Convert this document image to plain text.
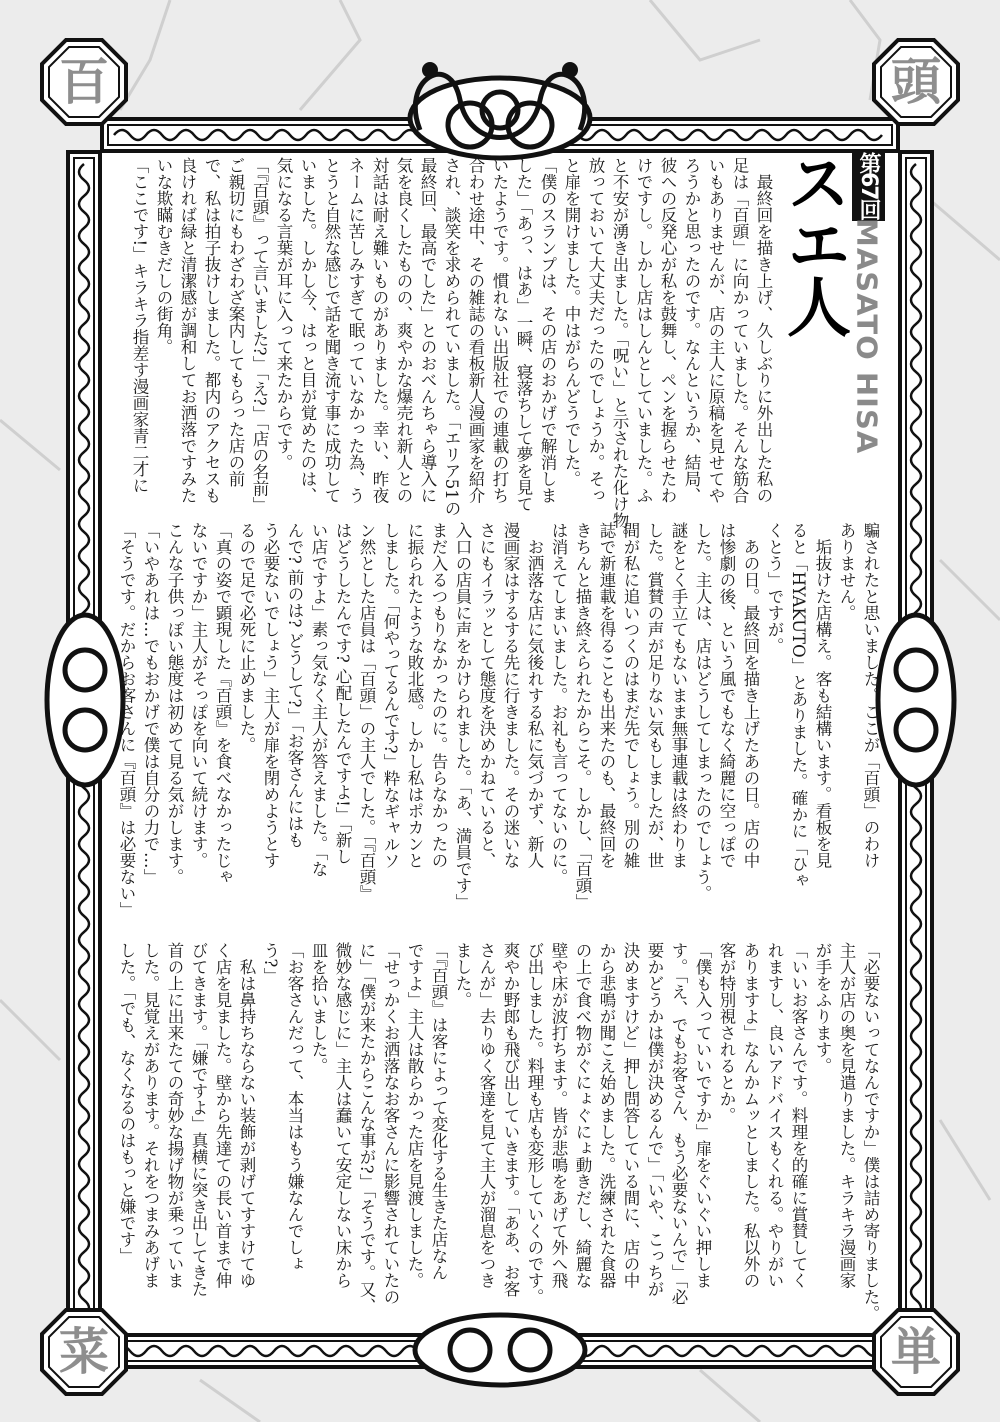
百	頭
菜	単
第67回
スエ人 MASATO HISA
　最終回を描き上げ、久しぶりに外出した私の
足は「百頭」に向かっていました。そんな筋合
いもありませんが、店の主人に原稿を見せてや
ろうかと思ったのです。なんというか、結局、
彼への反発心が私を鼓舞し、ペンを握らせたわ
けですし。しかし店はしんとしていました。ふ
と不安が湧き出ました。「呪い」と示された化け物。
放っておいて大丈夫だったのでしょうか。そっ
と扉を開けました。中はがらんどうでした。
「僕のスランプは、その店のおかげで解消しま
した」「あっ、はあ」一瞬、寝落ちして夢を見て
いたようです。慣れない出版社での連載の打ち
合わせ途中、その雑誌の看板新人漫画家を紹介
され、談笑を求められていました。「エリア51の
最終回、最高でした」とのおべんちゃら導入に
気を良くしたものの、爽やかな爆売れ新人との
対話は耐え難いものがありました。幸い、昨夜
ネームに苦しみすぎて眠っていなかった為、う
とうと自然な感じで話を聞き流す事に成功して
いました。しかし今、はっと目が覚めたのは、
気になる言葉が耳に入って来たからです。
「『百頭』って言いました?」「え?」「店の名前」
ご親切にもわざわざ案内してもらった店の前
で、私は拍子抜けしました。都内のアクセスも
良ければ緑と清潔感が調和してお洒落ですみた
いな欺瞞むきだしの街角。
「ここです!」キラキラ指差す漫画家青二才に
騙されたと思いました。ここが「百頭」のわけ
ありません。
　垢抜けた店構え。客も結構います。看板を見
ると「HYAKUTO」とありました。確かに「ひゃ
くとう」ですが。
　あの日。最終回を描き上げたあの日。店の中
は惨劇の後、という風でもなく綺麗に空っぽで
した。主人は、店はどうしてしまったのでしょう。
謎をとく手立てもないまま無事連載は終わりま
した。賞賛の声が足りない気もしましたが、世
間が私に追いつくのはまだ先でしょう。別の雑
誌で新連載を得ることも出来たのも、最終回を
きちんと描き終えられたからこそ。しかし、「百頭」
は消えてしまいました。お礼も言ってないのに。
　お洒落な店に気後れする私に気づかず、新人
漫画家はするする先に行きました。その迷いな
さにもイラッとして態度を決めかねていると、
入口の店員に声をかけられました。「あ、満員です」
まだ入るつもりなかったのに。告らなかったの
に振られたような敗北感。しかし私はポカンと
しました。「何やってるんです?」粋なギャルソ
ン然とした店員は「百頭」の主人でした。「『百頭』
はどうしたんです? 心配したんですよ!」「新し
い店ですよ」素っ気なく主人が答えました。「な
んで? 前のは? どうして?」「お客さんにはも
う必要ないでしょう」主人が扉を閉めようとす
るので足で必死に止めました。
「真の姿で顕現した『百頭』を食べなかったじゃ
ないですか」主人がそっぽを向いて続けます。
こんな子供っぽい態度は初めて見る気がします。
「いやあれは…でもおかげで僕は自分の力で…」
「そうです。だからお客さんに『百頭』は必要ない」
「必要ないってなんですか」僕は詰め寄りました。
主人が店の奥を見遣りました。キラキラ漫画家
が手をふります。
「いいお客さんです。料理を的確に賞賛してく
れますし、良いアドバイスもくれる。やりがい
ありますよ」なんかムッとしました。私以外の
客が特別視されるとか。
「僕も入っていいですか」扉をぐいぐい押しま
す。「え、でもお客さん、もう必要ないんで」「必
要かどうかは僕が決めるんで」「いや、こっちが
決めますけど」押し問答している間に、店の中
から悲鳴が聞こえ始めました。洗練された食器
の上で食べ物がぐにょぐにょ動きだし、綺麗な
壁や床が波打ちます。皆が悲鳴をあげて外へ飛
び出しました。料理も店も変形していくのです。
爽やか野郎も飛び出していきます。「ああ、お客
さんが」去りゆく客達を見て主人が溜息をつき
ました。
「『百頭』は客によって変化する生きた店なん
ですよ」主人は散らかった店を見渡しました。
「せっかくお洒落なお客さんに影響されていたの
に」「僕が来たからこんな事が?」「そうです。又、
微妙な感じに」主人は蠢いて安定しない床から
皿を拾いました。
「お客さんだって、本当はもう嫌なんでしょ
う?」
　私は鼻持ちならない装飾が剥げてすすけてゆ
く店を見ました。壁から先達ての長い首まで伸
びてきます。「嫌ですよ」真横に突き出してきた
首の上に出来たての奇妙な揚げ物が乗っていま
した。見覚えがあります。それをつまみあげま
した。「でも、なくなるのはもっと嫌です」
